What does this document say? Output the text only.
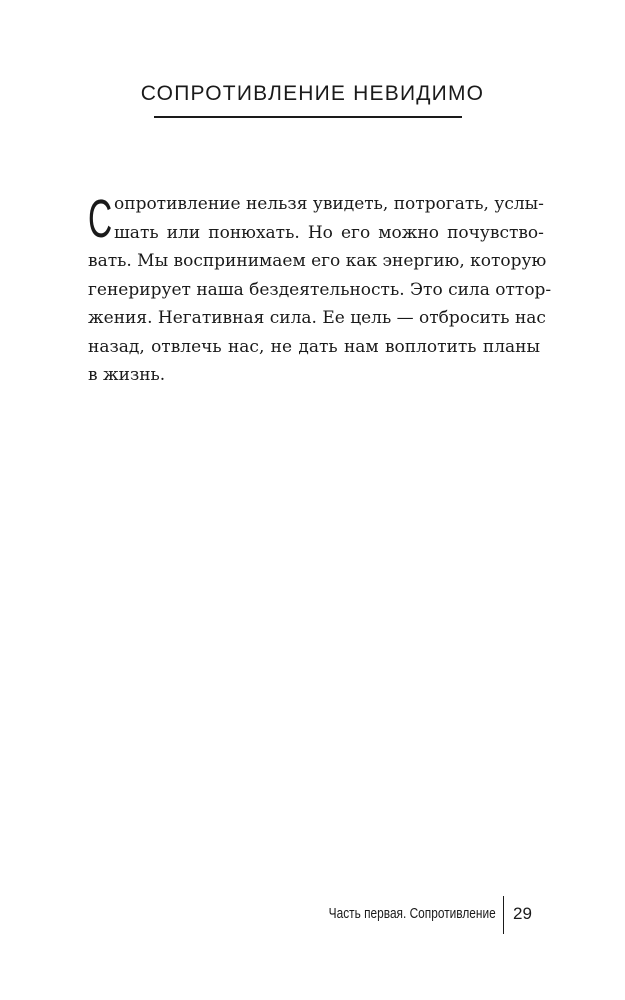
СОПРОТИВЛЕНИЕ НЕВИДИМО
С опротивление нельзя увидеть, потрогать, услы-
шать или понюхать. Но его можно почувство-
вать. Мы воспринимаем его как энергию, которую
генерирует наша бездеятельность. Это сила оттор-
жения. Негативная сила. Ее цель — отбросить нас
назад, отвлечь нас, не дать нам воплотить планы
в жизнь.
Часть первая. Сопротивление 29
